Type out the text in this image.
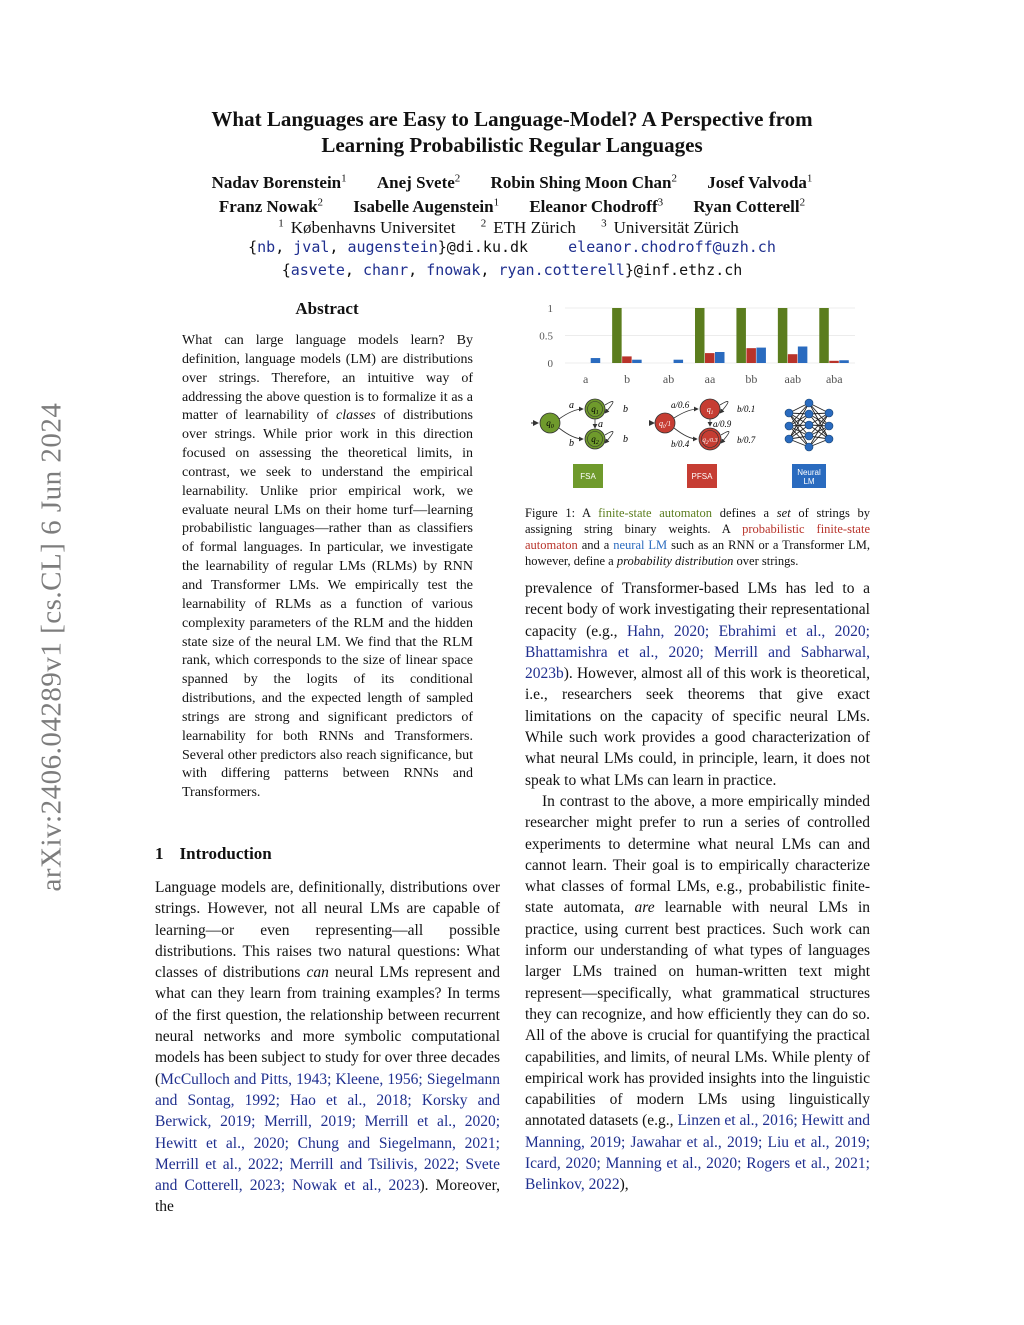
What Languages are Easy to Language-Model? A Perspective from
Learning Probabilistic Regular Languages
Nadav Borenstein$^1$ Anej Svete$^2$ Robin Shing Moon Chan$^2$ Josef Valvoda$^1$
Franz Nowak$^2$ Isabelle Augenstein$^1$ Eleanor Chodroff$^3$ Ryan Cotterell$^2$
$^1$ Københavns Universitet $^2$ ETH Zürich $^3$ Universität Zürich
{nb, jval, augenstein}@di.ku.dk	eleanor.chodroff@uzh.ch
{asvete, chanr, fnowak, ryan.cotterell}@inf.ethz.ch
arXiv:2406.04289v1 [cs.CL] 6 Jun 2024
Abstract
What can large language models learn? By definition, language models (LM) are distributions over strings. Therefore, an intuitive way of addressing the above question is to formalize it as a matter of learnability of classes of distributions over strings. While prior work in this direction focused on assessing the theoretical limits, in contrast, we seek to understand the empirical learnability. Unlike prior empirical work, we evaluate neural LMs on their home turf—learning probabilistic languages—rather than as classifiers of formal languages. In particular, we investigate the learnability of regular LMs (RLMs) by RNN and Transformer LMs. We empirically test the learnability of RLMs as a function of various complexity parameters of the RLM and the hidden state size of the neural LM. We find that the RLM rank, which corresponds to the size of linear space spanned by the logits of its conditional distributions, and the expected length of sampled strings are strong and significant predictors of learnability for both RNNs and Transformers. Several other predictors also reach significance, but with differing patterns between RNNs and Transformers.
1 Introduction
Language models are, definitionally, distributions over strings. However, not all neural LMs are capable of learning—or even representing—all possible distributions. This raises two natural questions: What classes of distributions can neural LMs represent and what can they learn from training examples? In terms of the first question, the relationship between recurrent neural networks and more symbolic computational models has been subject to study for over three decades (McCulloch and Pitts, 1943; Kleene, 1956; Siegelmann and Sontag, 1992; Hao et al., 2018; Korsky and Berwick, 2019; Merrill, 2019; Merrill et al., 2020; Hewitt et al., 2020; Chung and Siegelmann, 2021; Merrill et al., 2022; Merrill and Tsilivis, 2022; Svete and Cotterell, 2023; Nowak et al., 2023). Moreover, the
0
0.5
1
a	b	ab	aa	bb aab aba
$q_0$
$q_1$
$q_2$
a
b
a
b
b
$q_0/1$
$q_1$
$q_2/0.3$
a/0.6
b/0.4
a/0.9
b/0.1
b/0.7
FSA	PFSA	Neural
LM
Figure 1: A finite-state automaton defines a set of strings by assigning string binary weights. A probabilistic finite-state automaton and a neural LM such as an RNN or a Transformer LM, however, define a probability distribution over strings.

prevalence of Transformer-based LMs has led to a recent body of work investigating their representational capacity (e.g., Hahn, 2020; Ebrahimi et al., 2020; Bhattamishra et al., 2020; Merrill and Sabharwal, 2023b). However, almost all of this work is theoretical, i.e., researchers seek theorems that give exact limitations on the capacity of specific neural LMs. While such work provides a good characterization of what neural LMs could, in principle, learn, it does not speak to what LMs can learn in practice.

In contrast to the above, a more empirically minded researcher might prefer to run a series of controlled experiments to determine what neural LMs can and cannot learn. Their goal is to empirically characterize what classes of formal LMs, e.g., probabilistic finite-state automata, are learnable with neural LMs in practice, using current best practices. Such work can inform our understanding of what types of languages larger LMs trained on human-written text might represent—specifically, what grammatical structures they can recognize, and how efficiently they can do so. All of the above is crucial for quantifying the practical capabilities, and limits, of neural LMs. While plenty of empirical work has provided insights into the linguistic capabilities of modern LMs using linguistically annotated datasets (e.g., Linzen et al., 2016; Hewitt and Manning, 2019; Jawahar et al., 2019; Liu et al., 2019; Icard, 2020; Manning et al., 2020; Rogers et al., 2021; Belinkov, 2022),
